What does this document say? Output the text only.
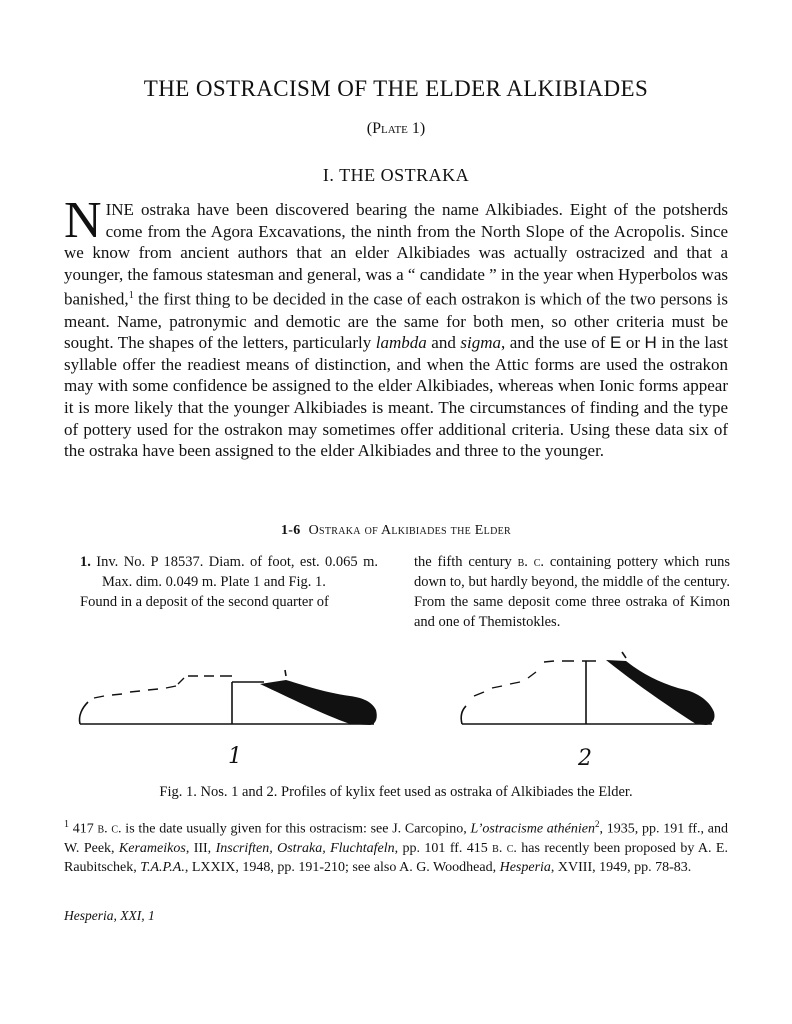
THE OSTRACISM OF THE ELDER ALKIBIADES
(Plate 1)
I. THE OSTRAKA

NINE ostraka have been discovered bearing the name Alkibiades. Eight of the potsherds come from the Agora Excavations, the ninth from the North Slope of the Acropolis. Since we know from ancient authors that an elder Alkibiades was actually ostracized and that a younger, the famous statesman and general, was a “ candidate ” in the year when Hyperbolos was banished,$^1$ the first thing to be decided in the case of each ostrakon is which of the two persons is meant. Name, patronymic and demotic are the same for both men, so other criteria must be sought. The shapes of the letters, particularly lambda and sigma, and the use of E or H in the last syllable offer the readiest means of distinction, and when the Attic forms are used the ostrakon may with some confidence be assigned to the elder Alkibiades, whereas when Ionic forms appear it is more likely that the younger Alkibiades is meant. The circumstances of finding and the type of pottery used for the ostrakon may sometimes offer additional criteria. Using these data six of the ostraka have been assigned to the elder Alkibiades and three to the younger.

1-6 Ostraka of Alkibiades the Elder

1. Inv. No. P 18537. Diam. of foot, est. 0.065 m. Max. dim. 0.049 m. Plate 1 and Fig. 1.

Found in a deposit of the second quarter of

the fifth century b. c. containing pottery which runs down to, but hardly beyond, the middle of the century. From the same deposit come three ostraka of Kimon and one of Themistokles.
1	2
Fig. 1. Nos. 1 and 2. Profiles of kylix feet used as ostraka of Alkibiades the Elder.

$^1$ 417 b. c. is the date usually given for this ostracism: see J. Carcopino, L’ostracisme athénien$^2$, 1935, pp. 191 ff., and W. Peek, Kerameikos, III, Inscriften, Ostraka, Fluchtafeln, pp. 101 ff. 415 b. c. has recently been proposed by A. E. Raubitschek, T.A.P.A., LXXIX, 1948, pp. 191-210; see also A. G. Woodhead, Hesperia, XVIII, 1949, pp. 78-83.

Hesperia, XXI, 1
